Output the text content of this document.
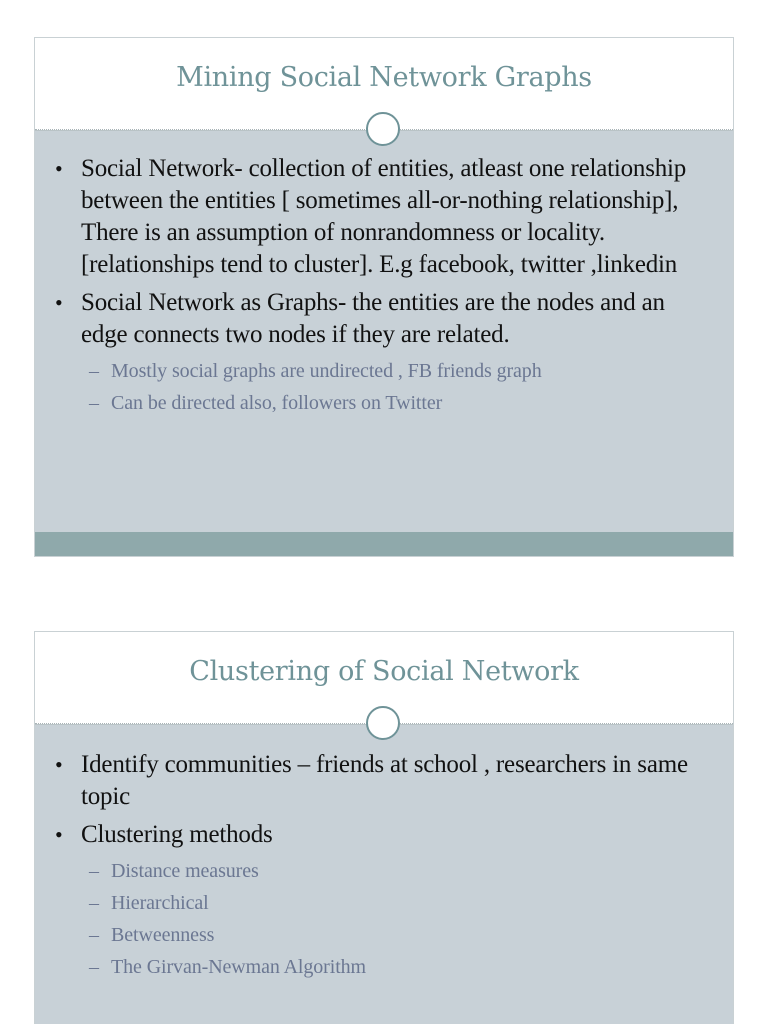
Mining Social Network Graphs
• Social Network- collection of entities, atleast one relationship between the entities [ sometimes all-or-nothing relationship], There is an assumption of nonrandomness or locality. [relationships tend to cluster]. E.g facebook, twitter ,linkedin
• Social Network as Graphs- the entities are the nodes and an edge connects two nodes if they are related.
– Mostly social graphs are undirected , FB friends graph
– Can be directed also, followers on Twitter
Clustering of Social Network
• Identify communities – friends at school , researchers in same topic
• Clustering methods
– Distance measures
– Hierarchical
– Betweenness
– The Girvan-Newman Algorithm
